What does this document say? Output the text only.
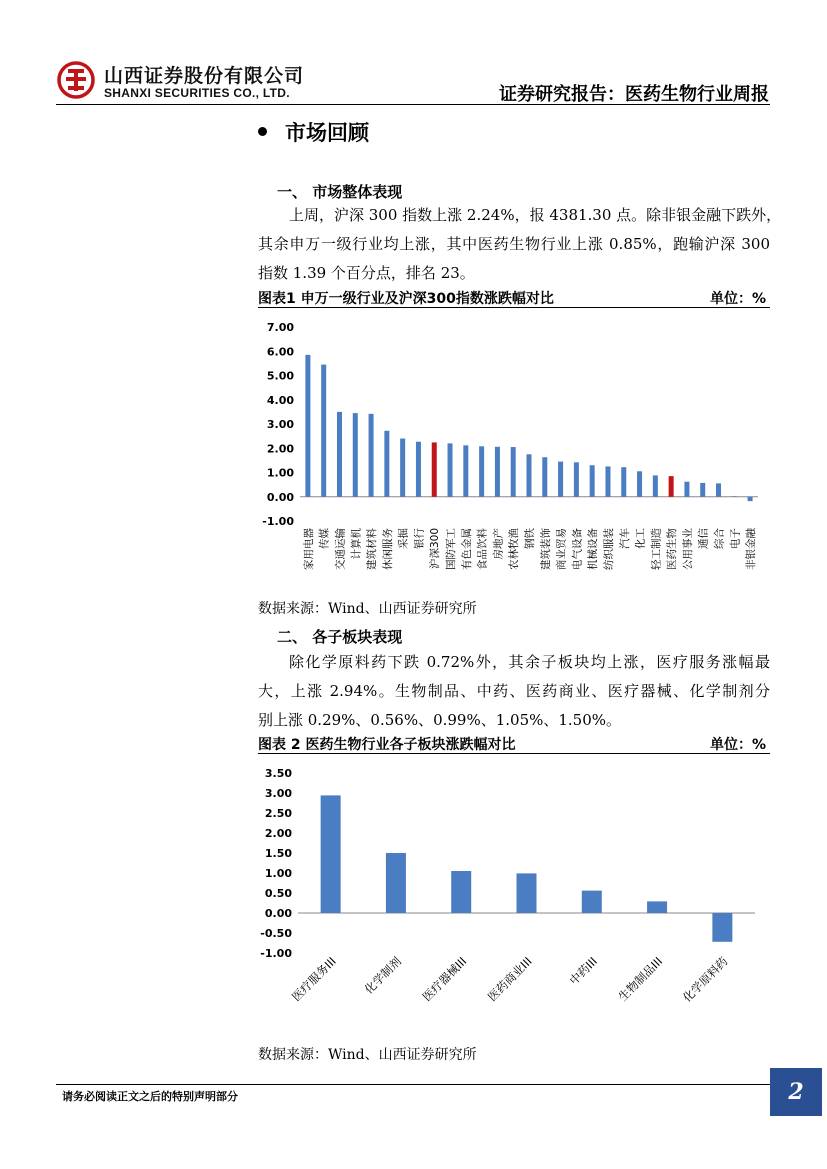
山西证券股份有限公司
SHANXI SECURITIES CO., LTD.	证券研究报告：医药生物行业周报
市场回顾
一、 市场整体表现
上周，沪深 300 指数上涨 2.24%，报 4381.30 点。除非银金融下跌外，
其余申万一级行业均上涨，其中医药生物行业上涨 0.85%，跑输沪深 300
指数 1.39 个百分点，排名 23。
图表1 申万一级行业及沪深300指数涨跌幅对比	单位：%
7.00
6.00
5.00
4.00
3.00
2.00
1.00
0.00
-1.00
家用电器 传媒 交通运输 计算机 建筑材料 休闲服务 采掘 银行 沪深300 国防军工 有色金属 食品饮料 房地产 农林牧渔 钢铁 建筑装饰 商业贸易 电气设备 机械设备 纺织服装 汽车 化工 轻工制造 医药生物 公用事业 通信 综合 电子 非银金融
数据来源：Wind、山西证券研究所
二、 各子板块表现
除化学原料药下跌 0.72%外，其余子板块均上涨，医疗服务涨幅最
大，上涨 2.94%。生物制品、中药、医药商业、医疗器械、化学制剂分
别上涨 0.29%、0.56%、0.99%、1.05%、1.50%。
图表 2 医药生物行业各子板块涨跌幅对比	单位：%
3.50
3.00
2.50
2.00
1.50
1.00
0.50
0.00
-0.50
-1.00
医疗服务III 化学制剂 医疗器械III 医药商业III	中药III 生物制品III 化学原料药
数据来源：Wind、山西证券研究所
请务必阅读正文之后的特别声明部分	2
